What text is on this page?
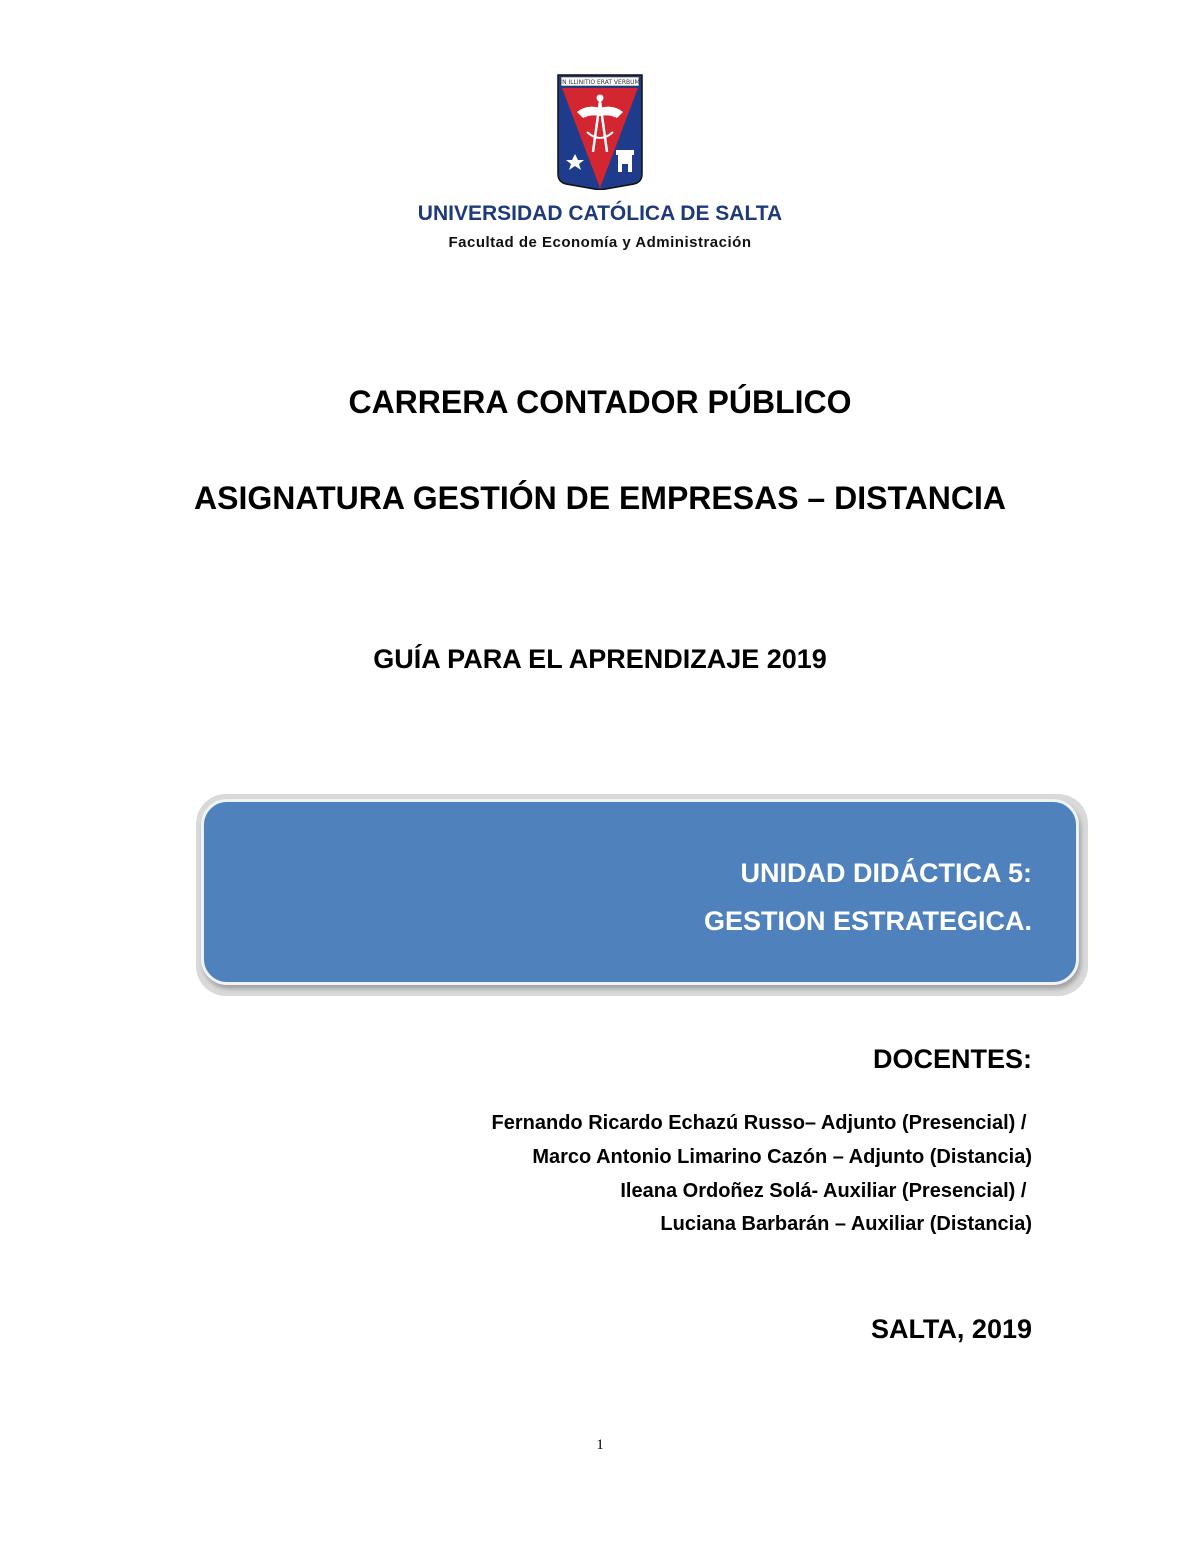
IN ILLINITIO ERAT VERBUM
UNIVERSIDAD CATÓLICA DE SALTA
Facultad de Economía y Administración
CARRERA CONTADOR PÚBLICO
ASIGNATURA GESTIÓN DE EMPRESAS – DISTANCIA
GUÍA PARA EL APRENDIZAJE 2019
UNIDAD DIDÁCTICA 5:
GESTION ESTRATEGICA.
DOCENTES:
Fernando Ricardo Echazú Russo– Adjunto (Presencial) /
Marco Antonio Limarino Cazón – Adjunto (Distancia)
Ileana Ordoñez Solá- Auxiliar (Presencial) /
Luciana Barbarán – Auxiliar (Distancia)
SALTA, 2019
1
